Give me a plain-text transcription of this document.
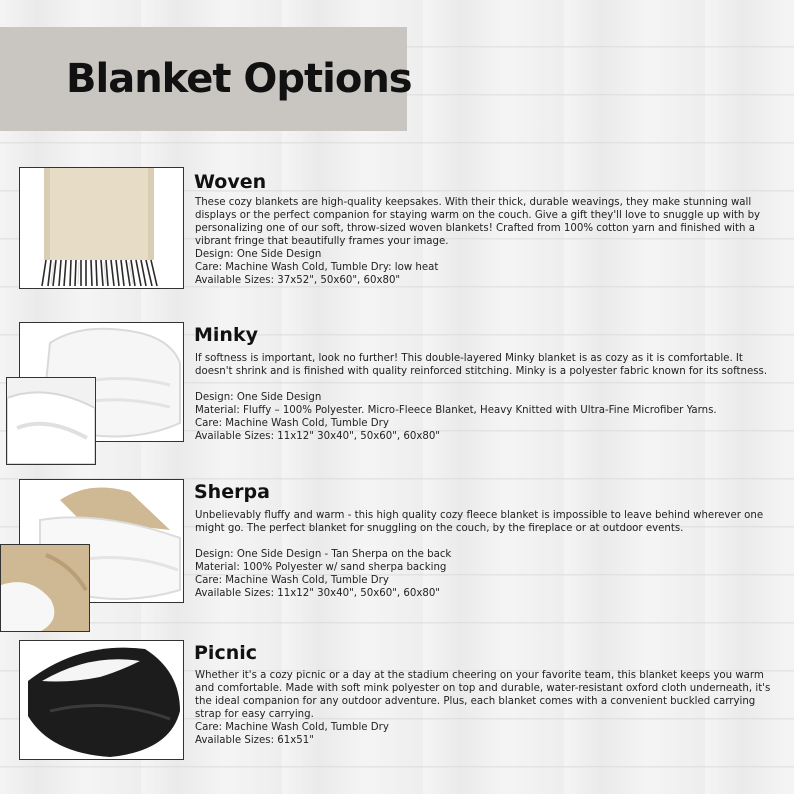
Blanket Options
Woven

These cozy blankets are high-quality keepsakes. With their thick, durable weavings, they make stunning wall displays or the perfect companion for staying warm on the couch. Give a gift they'll love to snuggle up with by personalizing one of our soft, throw-sized woven blankets! Crafted from 100% cotton yarn and finished with a vibrant fringe that beautifully frames your image.

Design: One Side Design

Care: Machine Wash Cold, Tumble Dry: low heat

Available Sizes: 37x52", 50x60", 60x80"

Minky

If softness is important, look no further! This double-layered Minky blanket is as cozy as it is comfortable. It doesn't shrink and is finished with quality reinforced stitching. Minky is a polyester fabric known for its softness.

Design: One Side Design

Material: Fluffy – 100% Polyester. Micro-Fleece Blanket, Heavy Knitted with Ultra-Fine Microfiber Yarns.

Care: Machine Wash Cold, Tumble Dry

Available Sizes: 11x12" 30x40", 50x60", 60x80"

Sherpa

Unbelievably fluffy and warm - this high quality cozy fleece blanket is impossible to leave behind wherever one might go. The perfect blanket for snuggling on the couch, by the fireplace or at outdoor events.

Design: One Side Design - Tan Sherpa on the back

Material: 100% Polyester w/ sand sherpa backing

Care: Machine Wash Cold, Tumble Dry

Available Sizes: 11x12" 30x40", 50x60", 60x80"

Picnic

Whether it's a cozy picnic or a day at the stadium cheering on your favorite team, this blanket keeps you warm and comfortable. Made with soft mink polyester on top and durable, water-resistant oxford cloth underneath, it's the ideal companion for any outdoor adventure. Plus, each blanket comes with a convenient buckled carrying strap for easy carrying.

Care: Machine Wash Cold, Tumble Dry

Available Sizes: 61x51"
